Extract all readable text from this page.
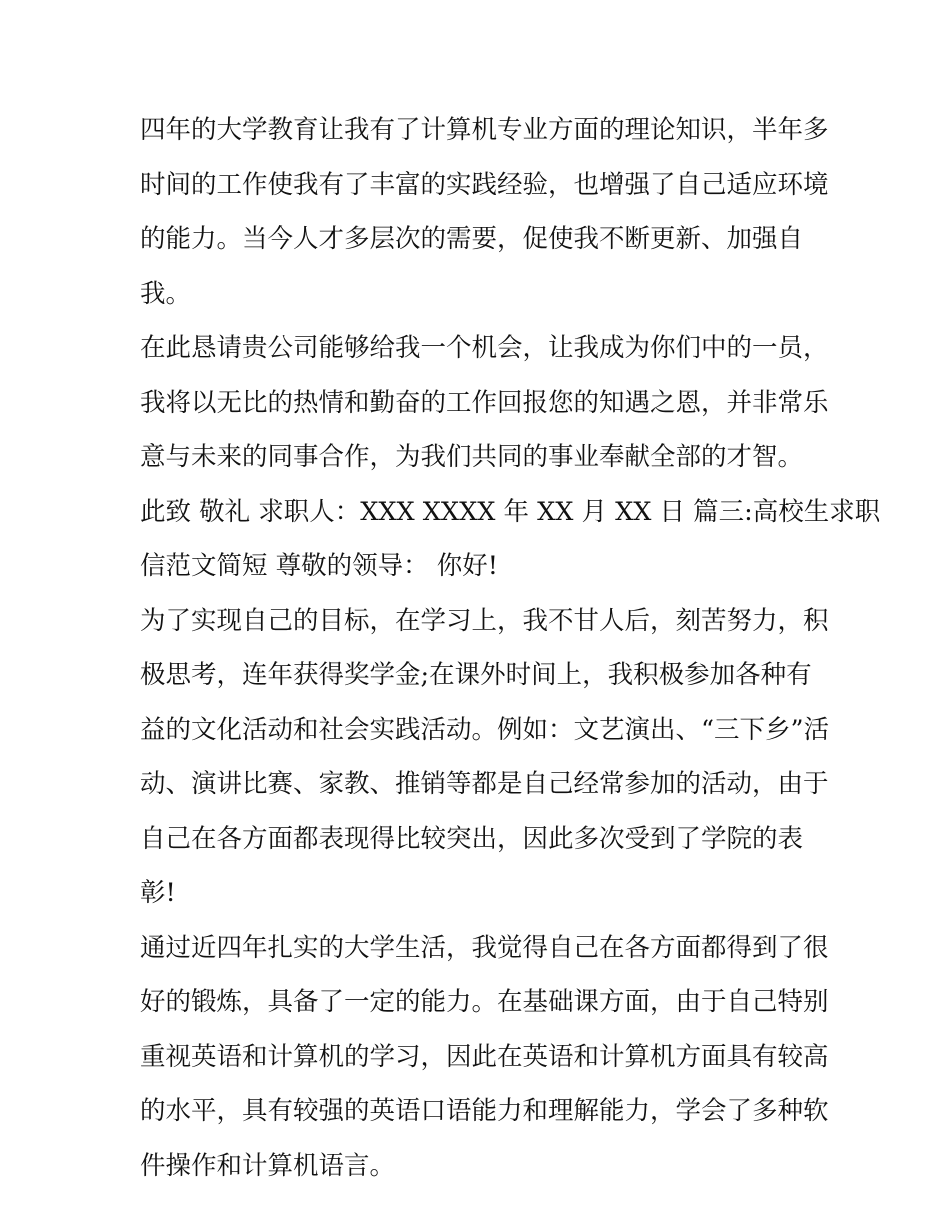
四年的大学教育让我有了计算机专业方面的理论知识，半年多
时间的工作使我有了丰富的实践经验，也增强了自己适应环境
的能力。当今人才多层次的需要，促使我不断更新、加强自
我。
在此恳请贵公司能够给我一个机会，让我成为你们中的一员，
我将以无比的热情和勤奋的工作回报您的知遇之恩，并非常乐
意与未来的同事合作，为我们共同的事业奉献全部的才智。
此致 敬礼 求职人：XXX XXXX 年 XX 月 XX 日 篇三:高校生求职
信范文简短 尊敬的领导： 你好!
为了实现自己的目标，在学习上，我不甘人后，刻苦努力，积
极思考，连年获得奖学金;在课外时间上，我积极参加各种有
益的文化活动和社会实践活动。例如：文艺演出、“三下乡”活
动、演讲比赛、家教、推销等都是自己经常参加的活动，由于
自己在各方面都表现得比较突出，因此多次受到了学院的表
彰!
通过近四年扎实的大学生活，我觉得自己在各方面都得到了很
好的锻炼，具备了一定的能力。在基础课方面，由于自己特别
重视英语和计算机的学习，因此在英语和计算机方面具有较高
的水平，具有较强的英语口语能力和理解能力，学会了多种软
件操作和计算机语言。
